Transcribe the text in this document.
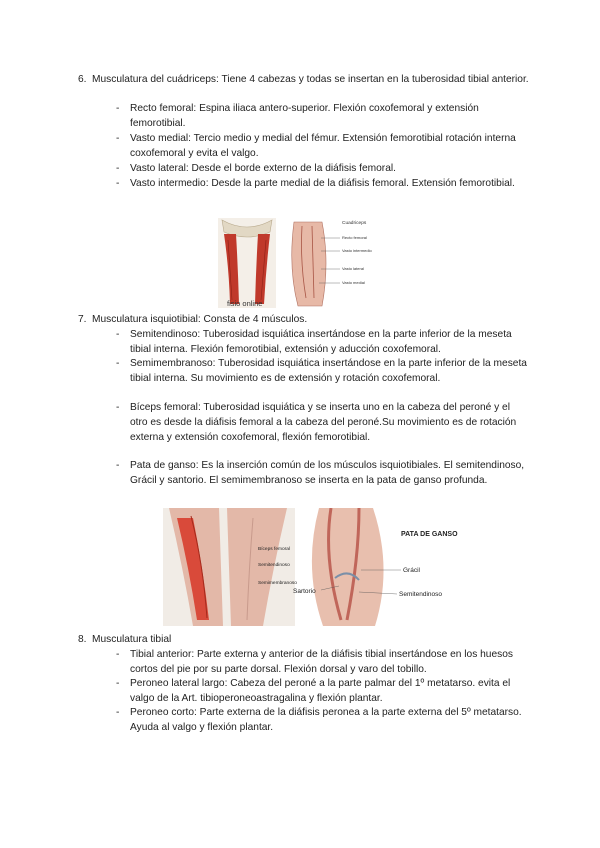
6. Musculatura del cuádriceps: Tiene 4 cabezas y todas se insertan en la tuberosidad tibial anterior.
- Recto femoral: Espina iliaca antero-superior. Flexión coxofemoral y extensión femorotibial.
- Vasto medial: Tercio medio y medial del fémur. Extensión femorotibial rotación interna coxofemoral y evita el valgo.
- Vasto lateral: Desde el borde externo de la diáfisis femoral.
- Vasto intermedio: Desde la parte medial de la diáfisis femoral. Extensión femorotibial.
fisio online
Cuadriceps
Recto femoral
Vasto intermedio
Vasto lateral
Vasto medial
7. Musculatura isquiotibial: Consta de 4 músculos.
- Semitendinoso: Tuberosidad isquiática insertándose en la parte inferior de la meseta tibial interna. Flexión femorotibial, extensión y aducción coxofemoral.
- Semimembranoso: Tuberosidad isquiática insertándose en la parte inferior de la meseta tibial interna. Su movimiento es de extensión y rotación coxofemoral.
- Bíceps femoral: Tuberosidad isquiática y se inserta uno en la cabeza del peroné y el otro es desde la diáfisis femoral a la cabeza del peroné.Su movimiento es de rotación externa y extensión coxofemoral, flexión femorotibial.
- Pata de ganso: Es la inserción común de los músculos isquiotibiales. El semitendinoso, Grácil y santorio. El semimembranoso se inserta en la pata de ganso profunda.
Bíceps femoral
Semitendinoso
Semimembranoso
PATA DE GANSO
Grácil
Sartorio	Semitendinoso
8. Musculatura tibial
- Tibial anterior: Parte externa y anterior de la diáfisis tibial insertándose en los huesos cortos del pie por su parte dorsal. Flexión dorsal y varo del tobillo.
- Peroneo lateral largo: Cabeza del peroné a la parte palmar del 1º metatarso. evita el valgo de la Art. tibioperoneoastragalina y flexión plantar.
- Peroneo corto: Parte externa de la diáfisis peronea a la parte externa del 5º metatarso. Ayuda al valgo y flexión plantar.
